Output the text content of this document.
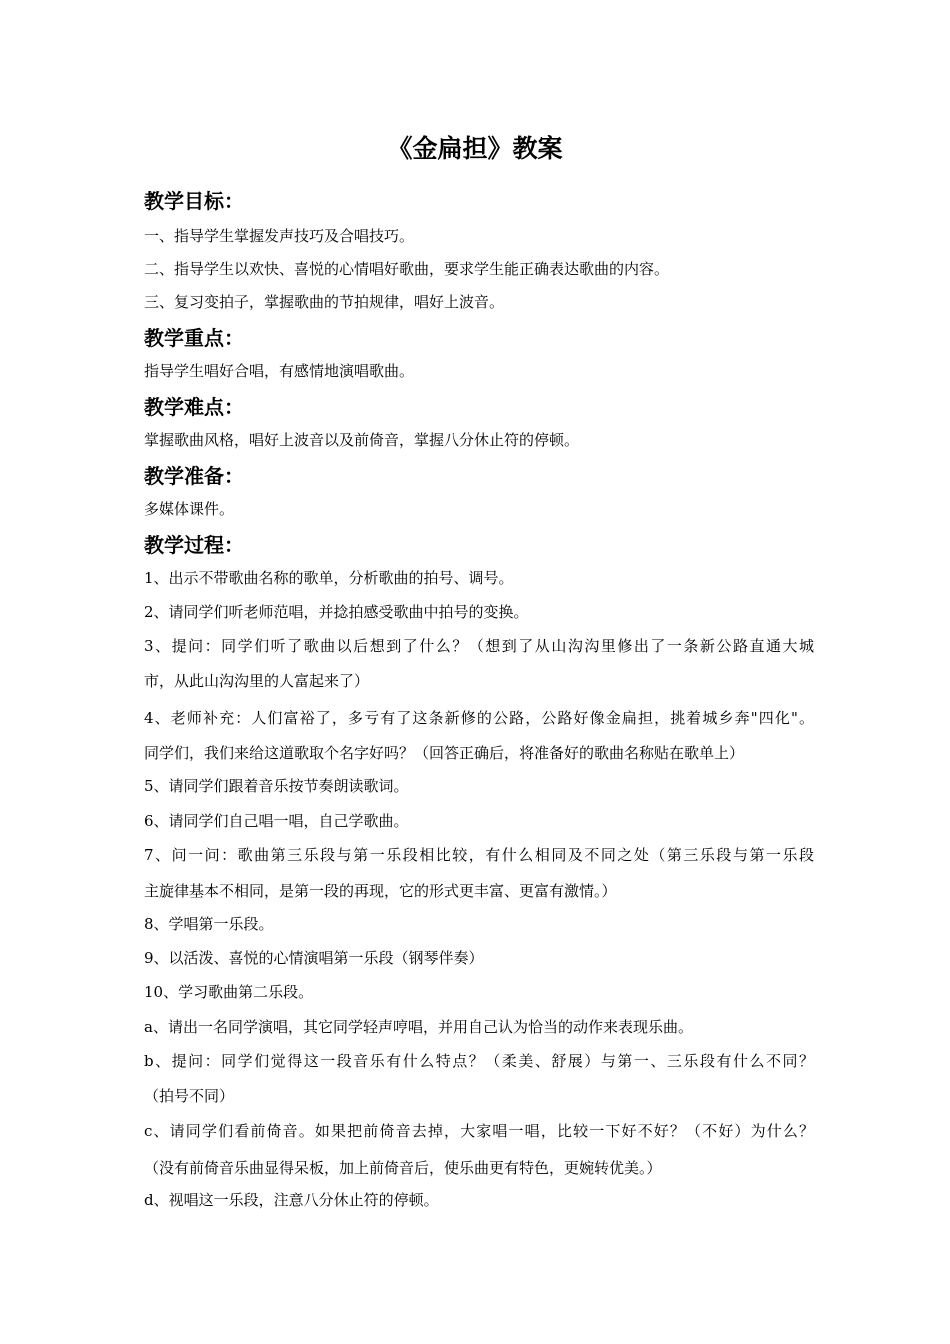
《金扁担》教案
教学目标：

一、指导学生掌握发声技巧及合唱技巧。

二、指导学生以欢快、喜悦的心情唱好歌曲，要求学生能正确表达歌曲的内容。

三、复习变拍子，掌握歌曲的节拍规律，唱好上波音。

教学重点：

指导学生唱好合唱，有感情地演唱歌曲。

教学难点：

掌握歌曲风格，唱好上波音以及前倚音，掌握八分休止符的停顿。

教学准备：

多媒体课件。

教学过程：

1、出示不带歌曲名称的歌单，分析歌曲的拍号、调号。

2、请同学们听老师范唱，并捻拍感受歌曲中拍号的变换。

3、提问：同学们听了歌曲以后想到了什么？（想到了从山沟沟里修出了一条新公路直通大城

市，从此山沟沟里的人富起来了）

4、老师补充：人们富裕了，多亏有了这条新修的公路，公路好像金扁担，挑着城乡奔"四化"。

同学们，我们来给这道歌取个名字好吗？（回答正确后，将准备好的歌曲名称贴在歌单上）

5、请同学们跟着音乐按节奏朗读歌词。

6、请同学们自己唱一唱，自己学歌曲。

7、问一问：歌曲第三乐段与第一乐段相比较，有什么相同及不同之处（第三乐段与第一乐段

主旋律基本不相同，是第一段的再现，它的形式更丰富、更富有激情。）

8、学唱第一乐段。

9、以活泼、喜悦的心情演唱第一乐段（钢琴伴奏）

10、学习歌曲第二乐段。

a、请出一名同学演唱，其它同学轻声哼唱，并用自己认为恰当的动作来表现乐曲。

b、提问：同学们觉得这一段音乐有什么特点？（柔美、舒展）与第一、三乐段有什么不同？

（拍号不同）

c、请同学们看前倚音。如果把前倚音去掉，大家唱一唱，比较一下好不好？（不好）为什么？

（没有前倚音乐曲显得呆板，加上前倚音后，使乐曲更有特色，更婉转优美。）

d、视唱这一乐段，注意八分休止符的停顿。
